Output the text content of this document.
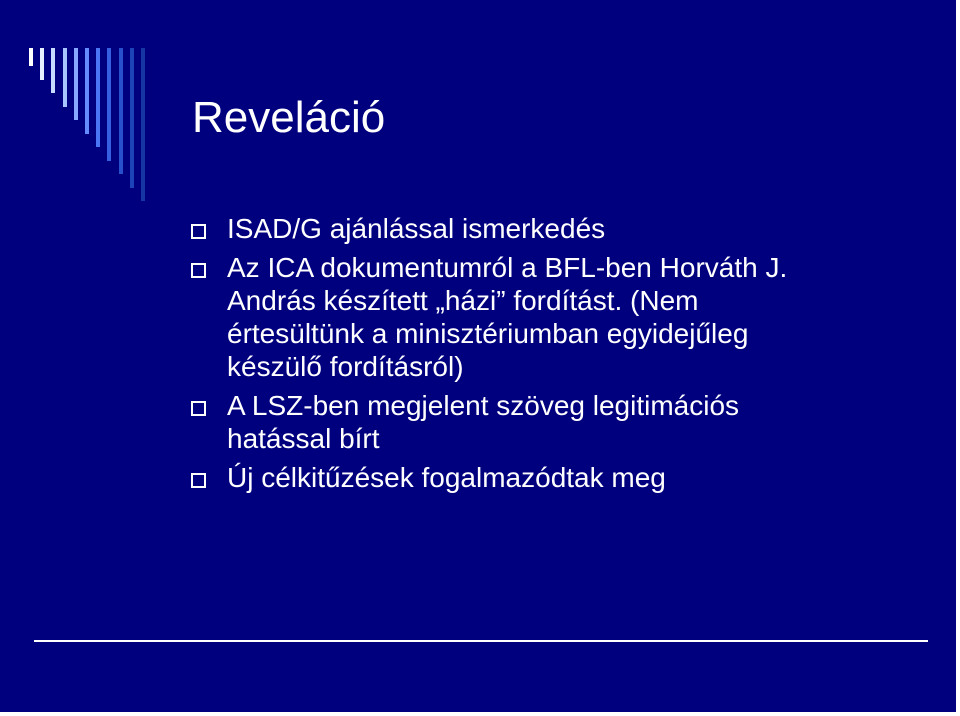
Reveláció
ISAD/G ajánlással ismerkedés
Az ICA dokumentumról a BFL-ben Horváth J. András készített „házi” fordítást. (Nem értesültünk a minisztériumban egyidejűleg készülő fordításról)
A LSZ-ben megjelent szöveg legitimációs hatással bírt
Új célkitűzések fogalmazódtak meg
